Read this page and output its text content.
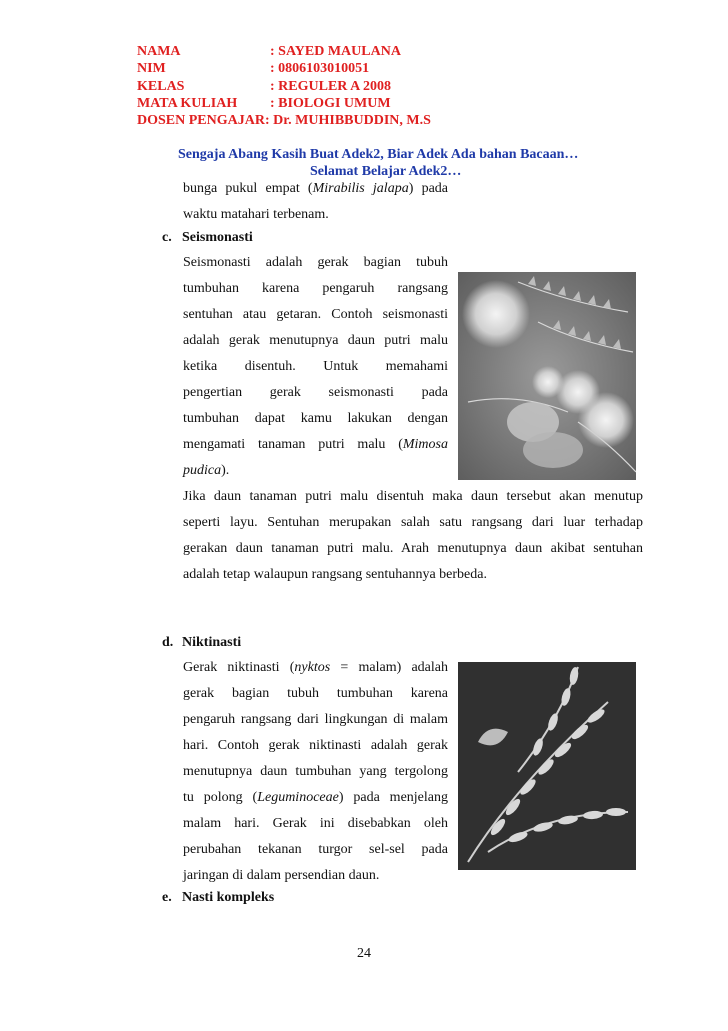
NAMA	: SAYED MAULANA
NIM	: 0806103010051
KELAS	: REGULER A 2008
MATA KULIAH : BIOLOGI UMUM
DOSEN PENGAJAR: Dr. MUHIBBUDDIN, M.S
Sengaja Abang Kasih Buat Adek2, Biar Adek Ada bahan Bacaan…
Selamat Belajar Adek2…
bunga pukul empat (Mirabilis jalapa) pada
waktu matahari terbenam.
c. Seismonasti
Seismonasti adalah gerak bagian tubuh
tumbuhan karena pengaruh rangsang
sentuhan atau getaran. Contoh seismonasti
adalah gerak menutupnya daun putri malu
ketika disentuh. Untuk memahami
pengertian gerak seismonasti pada
tumbuhan dapat kamu lakukan dengan
mengamati tanaman putri malu (Mimosa
pudica).
Jika daun tanaman putri malu disentuh maka daun tersebut akan menutup
seperti layu. Sentuhan merupakan salah satu rangsang dari luar terhadap
gerakan daun tanaman putri malu. Arah menutupnya daun akibat sentuhan
adalah tetap walaupun rangsang sentuhannya berbeda.
d. Niktinasti
Gerak niktinasti (nyktos = malam) adalah
gerak bagian tubuh tumbuhan karena
pengaruh rangsang dari lingkungan di malam
hari. Contoh gerak niktinasti adalah gerak
menutupnya daun tumbuhan yang tergolong
tu polong (Leguminoceae) pada menjelang
malam hari. Gerak ini disebabkan oleh
perubahan tekanan turgor sel-sel pada
jaringan di dalam persendian daun.
e. Nasti kompleks
24
